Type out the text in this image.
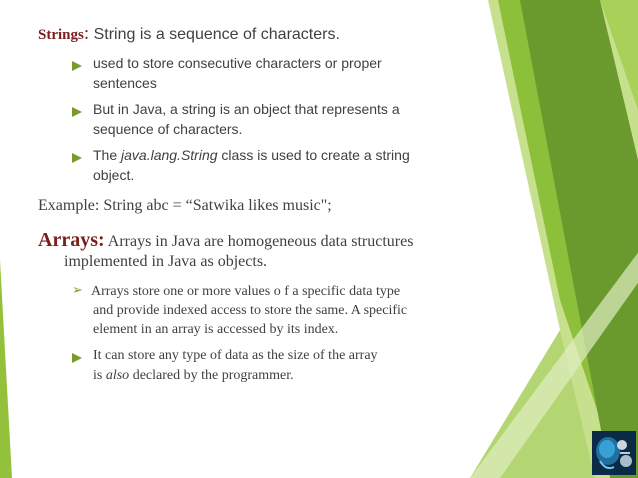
Strings: String is a sequence of characters.
used to store consecutive characters or proper
sentences
But in Java, a string is an object that represents a
sequence of characters.
The java.lang.String class is used to create a string
object.
Example: String abc = “Satwika likes music";
Arrays: Arrays in Java are homogeneous data structures
implemented in Java as objects.
➢ Arrays store one or more values o f a specific data type
and provide indexed access to store the same. A specific
element in an array is accessed by its index.
It can store any type of data as the size of the array
is also declared by the programmer.
